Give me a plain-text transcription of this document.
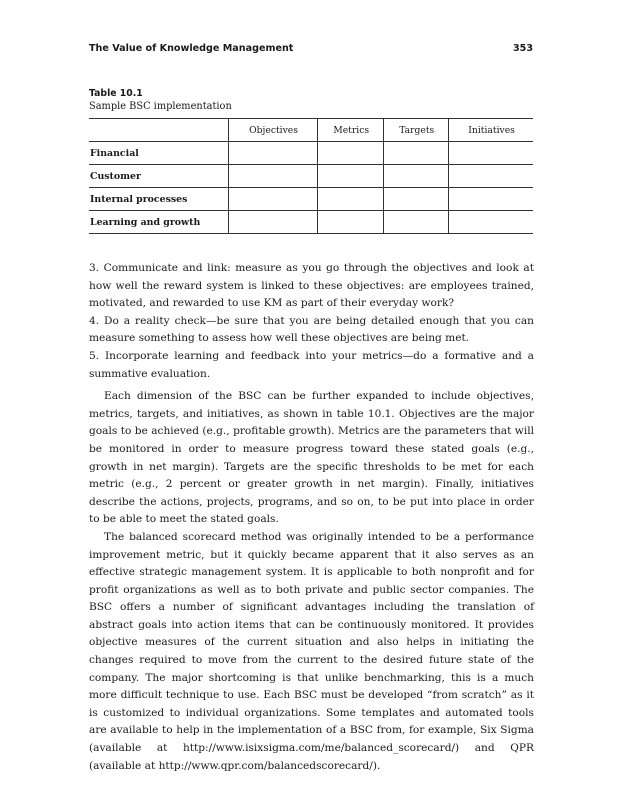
The Value of Knowledge Management	353
Table 10.1
Sample BSC implementation
	Objectives	Metrics	Targets	Initiatives
Financial				
Customer				
Internal processes				
Learning and growth				

3. Communicate and link: measure as you go through the objectives and look at how well the reward system is linked to these objectives: are employees trained, motivated, and rewarded to use KM as part of their everyday work?

4. Do a reality check—be sure that you are being detailed enough that you can measure something to assess how well these objectives are being met.

5. Incorporate learning and feedback into your metrics—do a formative and a summative evaluation.

Each dimension of the BSC can be further expanded to include objectives, metrics, targets, and initiatives, as shown in table 10.1. Objectives are the major goals to be achieved (e.g., profitable growth). Metrics are the parameters that will be monitored in order to measure progress toward these stated goals (e.g., growth in net margin). Targets are the specific thresholds to be met for each metric (e.g., 2 percent or greater growth in net margin). Finally, initiatives describe the actions, projects, programs, and so on, to be put into place in order to be able to meet the stated goals.

The balanced scorecard method was originally intended to be a performance improvement metric, but it quickly became apparent that it also serves as an effective strategic management system. It is applicable to both nonprofit and for profit organizations as well as to both private and public sector companies. The BSC offers a number of significant advantages including the translation of abstract goals into action items that can be continuously monitored. It provides objective measures of the current situation and also helps in initiating the changes required to move from the current to the desired future state of the company. The major shortcoming is that unlike benchmarking, this is a much more difficult technique to use. Each BSC must be developed “from scratch” as it is customized to individual organizations. Some templates and automated tools are available to help in the implementation of a BSC from, for example, Six Sigma (available at http://www.isixsigma.com/me/balanced_scorecard/) and QPR (available at http://www.qpr.com/balancedscorecard/).
